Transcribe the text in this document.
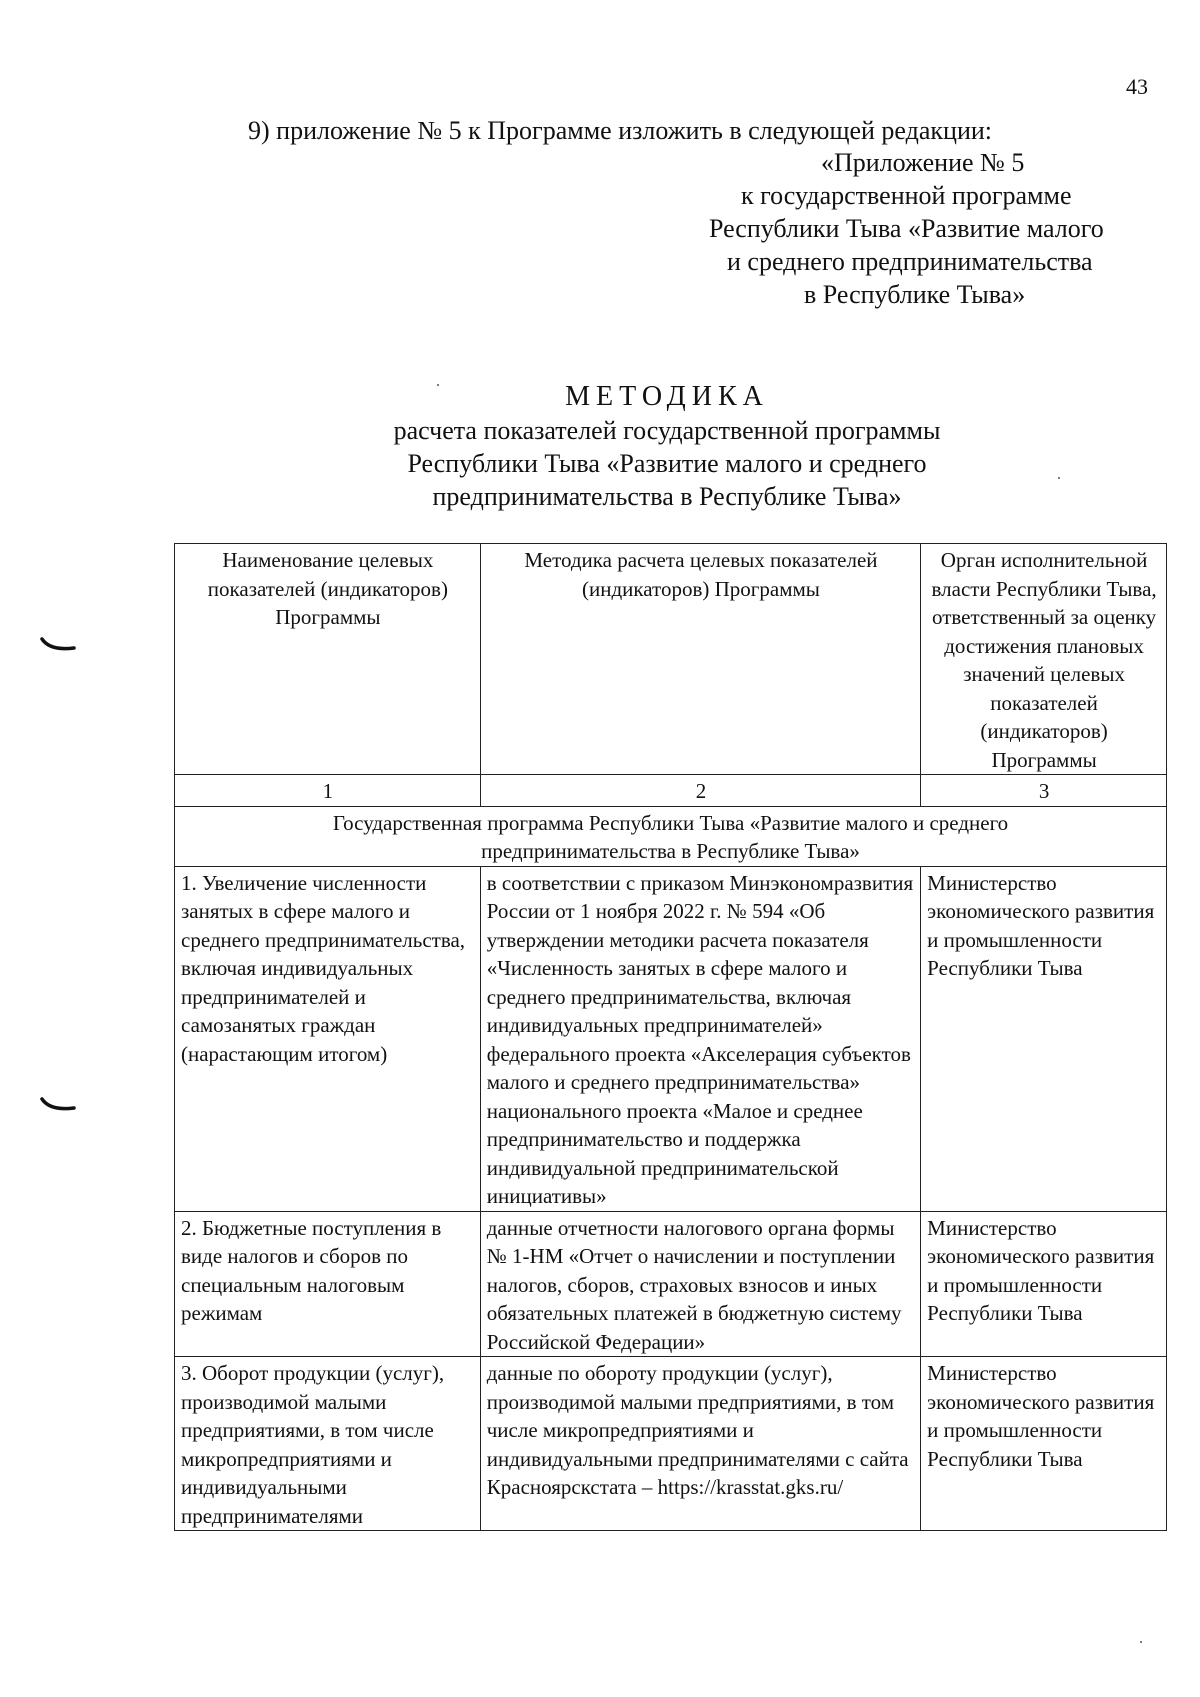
43
9) приложение № 5 к Программе изложить в следующей редакции:
«Приложение № 5
к государственной программе
Республики Тыва «Развитие малого
и среднего предпринимательства
в Республике Тыва»
МЕТОДИКА
расчета показателей государственной программы
Республики Тыва «Развитие малого и среднего
предпринимательства в Республике Тыва»
Наименование целевых показателей (индикаторов) Программы	Методика расчета целевых показателей (индикаторов) Программы	Орган исполнительной власти Республики Тыва, ответственный за оценку достижения плановых значений целевых показателей (индикаторов) Программы
1	2	3
Государственная программа Республики Тыва «Развитие малого и среднего предпринимательства в Республике Тыва»		
1. Увеличение численности занятых в сфере малого и среднего предпринимательства, включая индивидуальных предпринимателей и самозанятых граждан (нарастающим итогом)	в соответствии с приказом Минэкономразвития России от 1 ноября 2022 г. № 594 «Об утверждении методики расчета показателя «Численность занятых в сфере малого и среднего предпринимательства, включая индивидуальных предпринимателей» федерального проекта «Акселерация субъектов малого и среднего предпринимательства» национального проекта «Малое и среднее предпринимательство и поддержка индивидуальной предпринимательской инициативы»	Министерство экономического развития и промышленности Республики Тыва
2. Бюджетные поступления в виде налогов и сборов по специальным налоговым режимам	данные отчетности налогового органа формы № 1-НМ «Отчет о начислении и поступлении налогов, сборов, страховых взносов и иных обязательных платежей в бюджетную систему Российской Федерации»	Министерство экономического развития и промышленности Республики Тыва
3. Оборот продукции (услуг), производимой малыми предприятиями, в том числе микропредприятиями и индивидуальными предпринимателями	данные по обороту продукции (услуг), производимой малыми предприятиями, в том числе микропредприятиями и индивидуальными предпринимателями с сайта Красноярскстата – https://krasstat.gks.ru/	Министерство экономического развития и промышленности Республики Тыва
